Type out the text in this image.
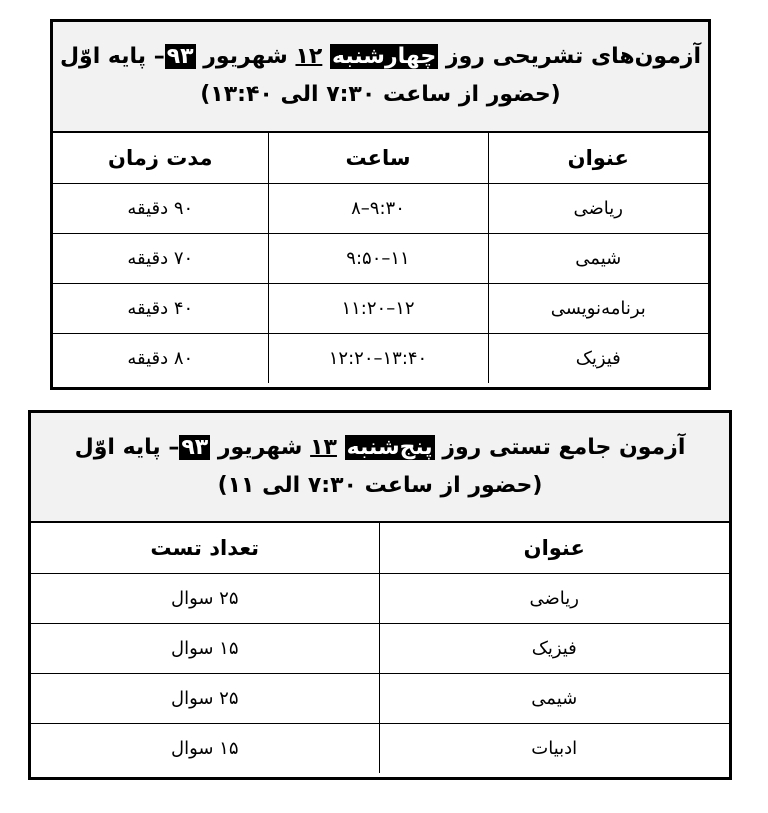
آزمون‌های تشریحی روز چهارشنبه ۱۲ شهریور ۹۳– پایه اوّل
(حضور از ساعت ۷:۳۰ الی ۱۳:۴۰)
عنوان	ساعت	مدت زمان
ریاضی	۸–۹:۳۰	۹۰ دقیقه
شیمی	۹:۵۰–۱۱	۷۰ دقیقه
برنامه‌نویسی	۱۱:۲۰–۱۲	۴۰ دقیقه
فیزیک	۱۲:۲۰–۱۳:۴۰	۸۰ دقیقه
آزمون جامع تستی روز پنج‌شنبه ۱۳ شهریور ۹۳– پایه اوّل
(حضور از ساعت ۷:۳۰ الی ۱۱)
عنوان	تعداد تست
ریاضی	۲۵ سوال
فیزیک	۱۵ سوال
شیمی	۲۵ سوال
ادبیات	۱۵ سوال
